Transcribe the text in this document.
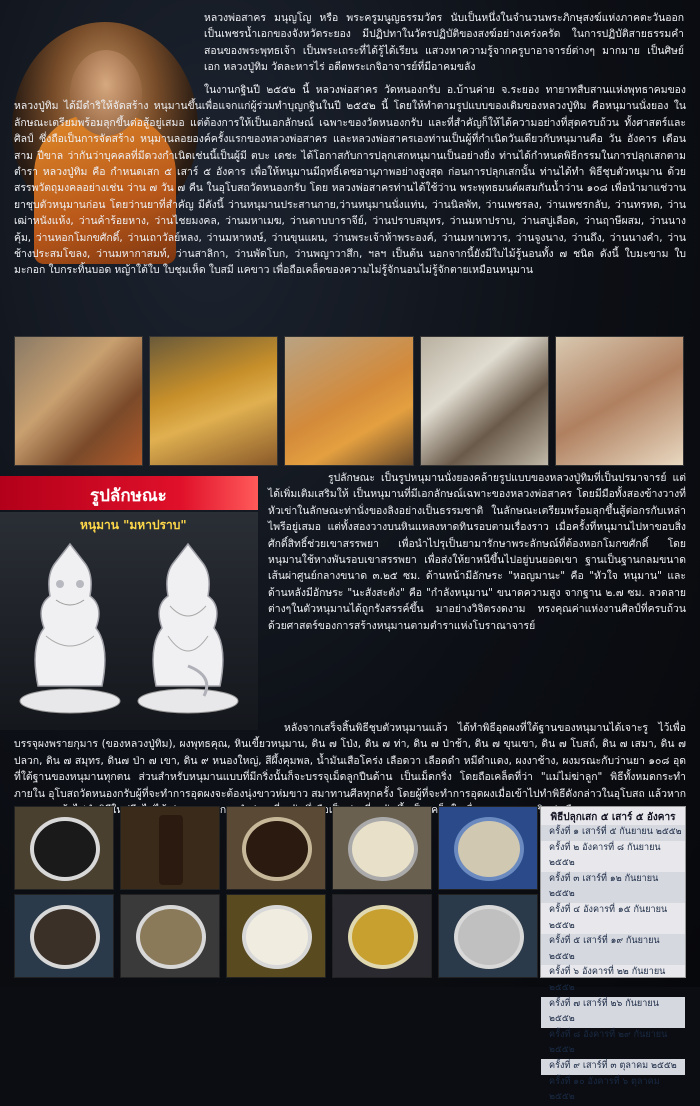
หลวงพ่อสาคร มนุญโญ หรือ พระครูมนูญธรรมวัตร นับเป็นหนึ่งในจำนวนพระภิกษุสงฆ์แห่งภาคตะวันออก เป็นเพชรน้ำเอกของจังหวัดระยอง มีปฏิปทาในวัตรปฏิบัติของสงฆ์อย่างเคร่งครัด ในการปฏิบัติสายธรรมคำสอนของพระพุทธเจ้า เป็นพระเถระที่ได้รู้ได้เรียน แสวงหาความรู้จากครูบาอาจารย์ต่างๆ มากมาย เป็นศิษย์เอก หลวงปู่ทิม วัดละหารไร่ อดีตพระเกจิอาจารย์ที่มีอาคมขลัง
ในงานกฐินปี ๒๕๕๒ นี้ หลวงพ่อสาคร วัดหนองกรับ อ.บ้านค่าย จ.ระยอง ทายาทสืบสานแห่งพุทธาคมของหลวงปู่ทิม ได้มีดำริให้จัดสร้าง หนุมานขึ้นเพื่อแจกแก่ผู้ร่วมทำบุญกฐินในปี ๒๕๕๒ นี้ โดยให้ทำตามรูปแบบของเดิมของหลวงปู่ทิม คือหนุมานนั่งยอง ในลักษณะเตรียมพร้อมลุกขึ้นต่อสู้อยู่เสมอ แต่ต้องการให้เป็นเอกลักษณ์ เฉพาะของวัดหนองกรับ และที่สำคัญก็ให้ได้ความอย่างที่สุดครบถ้วน ทั้งศาสตร์และศิลป์ ซึ่งถือเป็นการจัดสร้าง หนุมานลอยองค์ครั้งแรกของหลวงพ่อสาคร และหลวงพ่อสาครเองท่านเป็นผู้ที่กำเนิดวันเดียวกับหนุมานคือ วัน อังคาร เดือนสาม ปีขาล ว่ากันว่าบุคคลที่มีดวงกำเนิดเช่นนี้เป็นผู้มี ตบะ เดชะ ได้โอกาสกับการปลุกเสกหนุมานเป็นอย่างยิ่ง ท่านได้กำหนดพิธีกรรมในการปลุกเสกตามตำรา หลวงปู่ทิม คือ กำหนดเสก ๕ เสาร์ ๕ อังคาร เพื่อให้หนุมานมีฤทธิ์เดชอานุภาพอย่างสูงสุด ก่อนการปลุกเสกนั้น ท่านได้ทำ พิธีชุบตัวหนุมาน ด้วยสรรพวัตถุมงคลอย่างเช่น ว่าน ๗ วัน ๗ คืน ในอุโบสถวัดหนองกรับ โดย หลวงพ่อสาครท่านได้ใช้ว่าน พระพุทธมนต์ผสมกันน้ำว่าน ๑๐๘ เพื่อนำมาแช่วานยาชุบตัวหนุมานก่อน โดยว่านยาที่สำคัญ มีดังนี้ ว่านหนุมานประสานกาย,ว่านหนุมานนั่งแท่น, ว่านนิลพัท, ว่านเพชรลง, ว่านเพชรกลับ, ว่านทรหด, ว่านเฒ่าหนังแห้ง, ว่านค้าร้อยหาง, ว่านไชยมงคล, ว่านมหาเมฆ, ว่านตาบบาราจีย์, ว่านปราบสมุทร, ว่านมหาปราบ, ว่านสบู่เลือด, ว่านฤาษีผสม, ว่านนางคุ้ม, ว่านหอกโมกขศักดิ์, ว่านเถาวัลย์หลง, ว่านมหาหงษ์, ว่านขุนแผน, ว่านพระเจ้าห้าพระองค์, ว่านมหาเทวาร, ว่านจูงนาง, ว่านถึง, ว่านนางคำ, ว่านช้างประสมโขลง, ว่านมหากาสมท์, ว่านสาลิกา, ว่านพัดโบก, ว่านพญาวาสึก, ฯลฯ เป็นต้น นอกจากนี้ยังมีใบไม้รู้นอนทั้ง ๗ ชนิด ดังนี้ ใบมะขาม ใบมะกอก ใบกระทิ้นบอด หญ้าใต้ใบ ใบชุมเห็ด ใบสมี แคขาว เพื่อถือเคล็ดของความไม่รู้จักนอนไม่รู้จักตายเหมือนหนุมาน
รูปลักษณะ
หนุมาน "มหาปราบ"
รูปลักษณะ เป็นรูปหนุมานนั่งยองคล้ายรูปแบบของหลวงปู่ทิมที่เป็นปรมาจารย์ แต่ได้เพิ่มเติมเสริมให้ เป็นหนุมานที่มีเอกลักษณ์เฉพาะของหลวงพ่อสาคร โดยมีมือทั้งสองข้างวางที่หัวเข่าในลักษณะท่านั่งของลิงอย่างเป็นธรรมชาติ ในลักษณะเตรียมพร้อมลุกขึ้นสู้ต่อกรกับเหล่าไพรีอยู่เสมอ แต่ทั้งสองวางบนหินแหลงหาดทินรอบตามเรื่องราว เมื่อครั้งที่หนุมานไปหาขอบสิ่งศักดิ์สิทธิ์ช่วยเขาสรรพยา เพื่อนำไปรุเป็นยามารักษาพระลักษณ์ที่ต้องหอกโมกขศักดิ์ โดยหนุมานใช้หางพันรอบเขาสรรพยา เพื่อส่งให้ยาหนีขึ้นไปอยู่บนยอดเขา ฐานเป็นฐานกลมขนาดเส้นผ่าศูนย์กลางขนาด ๓.๒๕ ซม. ด้านหน้ามีอักษระ "หอญมานะ" คือ "หัวใจ หนุมาน" และด้านหลังมีอักษระ "นะสังสะตัง" คือ "กำลังหนุมาน" ขนาดความสูง จากฐาน ๒.๗ ซม. ลวดลายต่างๆในตัวหนุมานได้ถูกรังสรรค์ขึ้น มาอย่างวิจิตรงดงาม ทรงคุณค่าแห่งงานศิลป์ที่ครบถ้วนด้วยศาสตร์ของการสร้างหนุมานตามตำราแห่งโบราณาจารย์
หลังจากเสร็จสิ้นพิธีชุบตัวหนุมานแล้ว ได้ทำพิธีอุดผงที่ใต้ฐานของหนุมานได้เจาะรู ไว้เพื่อบรรจุผงพรายกุมาร (ของหลวงปู่ทิม), ผงพุทธคุณ, หินเขี้ยวหนุมาน, ดิน ๗ โป่ง, ดิน ๗ ท่า, ดิน ๗ ป่าช้า, ดิน ๗ ขุนเขา, ดิน ๗ โบสถ์, ดิน ๗ เสมา, ดิน ๗ ปลวก, ดิน ๗ สมุทร, ดิน๗ ป่า ๗ เขา, ดิน ๙ หนองใหญ่, สีผึ้งคุมพล, น้ำมันเสือโคร่ง เลือดวา เลือดดำ หมีดำแดง, ผงงาช้าง, ผงมรณะกับว่านยา ๑๐๘ อุดที่ใต้ฐานของหนุมานทุกตน ส่วนสำหรับหนุมานแบบที่มีกริ่งนั้นก็จะบรรจุเม็ดลูกปืนด้าน เป็นเม็ดกริ่ง โดยถือเคล็ดที่ว่า "แม่ไม่ฆ่าลูก" พิธีทั้งหมดกระทำภายใน อุโบสถวัดหนองกรับผู้ที่จะทำการอุดผงจะต้องนุ่งขาวห่มขาว สมาทานศีลทุกครั้ง โดยผู้ที่จะทำการอุดผงเมื่อเข้าไปทำพิธีดังกล่าวในอุโบสถ แล้วหาก าไปทำพิธีใหม่อีกไม่ได้
พิธีปลุกเสก ๕ เสาร์ ๕ อังคาร
ครั้งที่ ๑ เสาร์ที่ ๕ กันยายน ๒๕๕๒
ครั้งที่ ๒ อังคารที่ ๘ กันยายน ๒๕๕๒
ครั้งที่ ๓ เสาร์ที่ ๑๒ กันยายน ๒๕๕๒
ครั้งที่ ๔ อังคารที่ ๑๕ กันยายน ๒๕๕๒
ครั้งที่ ๕ เสาร์ที่ ๑๙ กันยายน ๒๕๕๒
ครั้งที่ ๖ อังคารที่ ๒๒ กันยายน ๒๕๕๒
ครั้งที่ ๗ เสาร์ที่ ๒๖ กันยายน ๒๕๕๒
ครั้งที่ ๘ อังคารที่ ๒๙ กันยายน ๒๕๕๒
ครั้งที่ ๙ เสาร์ที่ ๓ ตุลาคม ๒๕๕๒
ครั้งที่ ๑๐ อังคารที่ ๖ ตุลาคม ๒๕๕๒
